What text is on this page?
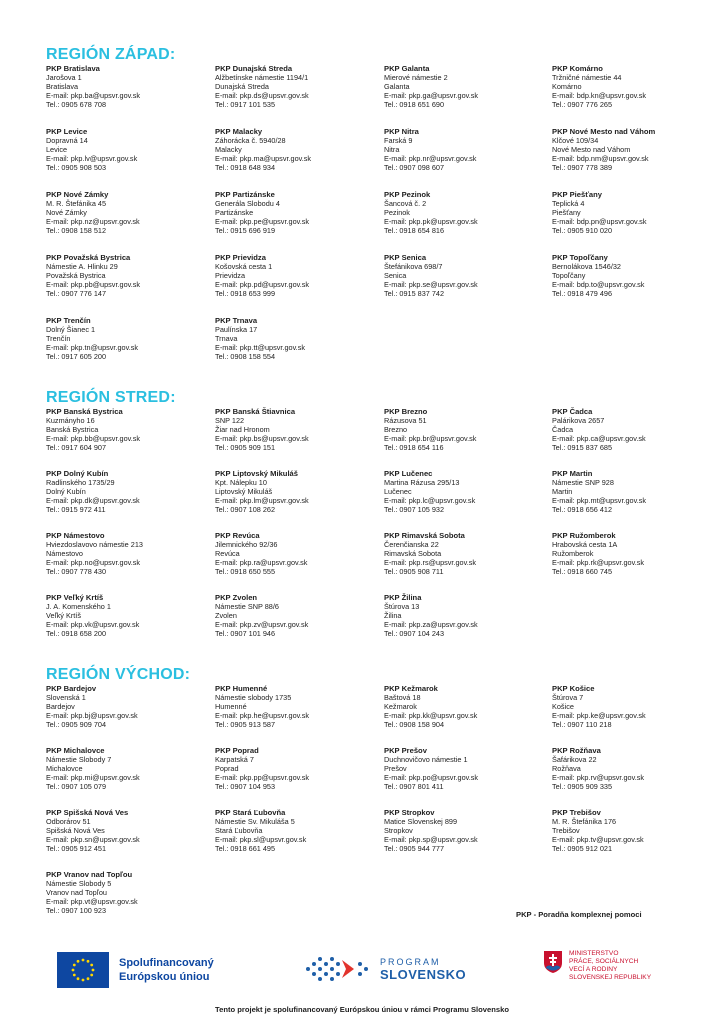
REGIÓN ZÁPAD:
PKP Bratislava
Jarošova 1
Bratislava
E-mail: pkp.ba@upsvr.gov.sk
Tel.: 0905 678 708
PKP Dunajská Streda
Alžbetínske námestie 1194/1
Dunajská Streda
E-mail: pkp.ds@upsvr.gov.sk
Tel.: 0917 101 535
PKP Galanta
Mierové námestie 2
Galanta
E-mail: pkp.ga@upsvr.gov.sk
Tel.: 0918 651 690
PKP Komárno
Tržničné námestie 44
Komárno
E-mail: bdp.kn@upsvr.gov.sk
Tel.: 0907 776 265
PKP Levice
Dopravná 14
Levice
E-mail: pkp.lv@upsvr.gov.sk
Tel.: 0905 908 503
PKP Malacky
Záhorácka č. 5940/28
Malacky
E-mail: pkp.ma@upsvr.gov.sk
Tel.: 0918 648 934
PKP Nitra
Farská 9
Nitra
E-mail: pkp.nr@upsvr.gov.sk
Tel.: 0907 098 607
PKP Nové Mesto nad Váhom
Klčové 109/34
Nové Mesto nad Váhom
E-mail: bdp.nm@upsvr.gov.sk
Tel.: 0907 778 389
PKP Nové Zámky
M. R. Štefánika 45
Nové Zámky
E-mail: pkp.nz@upsvr.gov.sk
Tel.: 0908 158 512
PKP Partizánske
Generála Slobodu 4
Partizánske
E-mail: pkp.pe@upsvr.gov.sk
Tel.: 0915 696 919
PKP Pezinok
Šancová č. 2
Pezinok
E-mail: pkp.pk@upsvr.gov.sk
Tel.: 0918 654 816
PKP Piešťany
Teplická 4
Piešťany
E-mail: bdp.pn@upsvr.gov.sk
Tel.: 0905 910 020
PKP Považská Bystrica
Námestie A. Hlinku 29
Považská Bystrica
E-mail: pkp.pb@upsvr.gov.sk
Tel.: 0907 776 147
PKP Prievidza
Košovská cesta 1
Prievidza
E-mail: pkp.pd@upsvr.gov.sk
Tel.: 0918 653 999
PKP Senica
Štefánikova 698/7
Senica
E-mail: pkp.se@upsvr.gov.sk
Tel.: 0915 837 742
PKP Topoľčany
Bernolákova 1546/32
Topoľčany
E-mail: bdp.to@upsvr.gov.sk
Tel.: 0918 479 496
PKP Trenčín
Dolný Šianec 1
Trenčín
E-mail: pkp.tn@upsvr.gov.sk
Tel.: 0917 605 200
PKP Trnava
Paulínska 17
Trnava
E-mail: pkp.tt@upsvr.gov.sk
Tel.: 0908 158 554
REGIÓN STRED:
PKP Banská Bystrica
Kuzmányho 16
Banská Bystrica
E-mail: pkp.bb@upsvr.gov.sk
Tel.: 0917 604 907
PKP Banská Štiavnica
SNP 122
Žiar nad Hronom
E-mail: pkp.bs@upsvr.gov.sk
Tel.: 0905 909 151
PKP Brezno
Rázusova 51
Brezno
E-mail: pkp.br@upsvr.gov.sk
Tel.: 0918 654 116
PKP Čadca
Palárikova 2657
Čadca
E-mail: pkp.ca@upsvr.gov.sk
Tel.: 0915 837 685
PKP Dolný Kubín
Radlinského 1735/29
Dolný Kubín
E-mail: pkp.dk@upsvr.gov.sk
Tel.: 0915 972 411
PKP Liptovský Mikuláš
Kpt. Nálepku 10
Liptovský Mikuláš
E-mail: pkp.lm@upsvr.gov.sk
Tel.: 0907 108 262
PKP Lučenec
Martina Rázusa 295/13
Lučenec
E-mail: pkp.lc@upsvr.gov.sk
Tel.: 0907 105 932
PKP Martin
Námestie SNP 928
Martin
E-mail: pkp.mt@upsvr.gov.sk
Tel.: 0918 656 412
PKP Námestovo
Hviezdoslavovo námestie 213
Námestovo
E-mail: pkp.no@upsvr.gov.sk
Tel.: 0907 778 430
PKP Revúca
Jilemnického 92/36
Revúca
E-mail: pkp.ra@upsvr.gov.sk
Tel.: 0918 650 555
PKP Rimavská Sobota
Čerenčianska 22
Rimavská Sobota
E-mail: pkp.rs@upsvr.gov.sk
Tel.: 0905 908 711
PKP Ružomberok
Hrabovská cesta 1A
Ružomberok
E-mail: pkp.rk@upsvr.gov.sk
Tel.: 0918 660 745
PKP Veľký Krtíš
J. A. Komenského 1
Veľký Krtíš
E-mail: pkp.vk@upsvr.gov.sk
Tel.: 0918 658 200
PKP Zvolen
Námestie SNP 88/6
Zvolen
E-mail: pkp.zv@upsvr.gov.sk
Tel.: 0907 101 946
PKP Žilina
Štúrova 13
Žilina
E-mail: pkp.za@upsvr.gov.sk
Tel.: 0907 104 243
REGIÓN VÝCHOD:
PKP Bardejov
Slovenská 1
Bardejov
E-mail: pkp.bj@upsvr.gov.sk
Tel.: 0905 909 704
PKP Humenné
Námestie slobody 1735
Humenné
E-mail: pkp.he@upsvr.gov.sk
Tel.: 0905 913 587
PKP Kežmarok
Baštová 18
Kežmarok
E-mail: pkp.kk@upsvr.gov.sk
Tel.: 0908 158 904
PKP Košice
Štúrova 7
Košice
E-mail: pkp.ke@upsvr.gov.sk
Tel.: 0907 110 218
PKP Michalovce
Námestie Slobody 7
Michalovce
E-mail: pkp.mi@upsvr.gov.sk
Tel.: 0907 105 079
PKP Poprad
Karpatská 7
Poprad
E-mail: pkp.pp@upsvr.gov.sk
Tel.: 0907 104 953
PKP Prešov
Duchnovičovo námestie 1
Prešov
E-mail: pkp.po@upsvr.gov.sk
Tel.: 0907 801 411
PKP Rožňava
Šafárikova 22
Rožňava
E-mail: pkp.rv@upsvr.gov.sk
Tel.: 0905 909 335
PKP Spišská Nová Ves
Odborárov 51
Spišská Nová Ves
E-mail: pkp.sn@upsvr.gov.sk
Tel.: 0905 912 451
PKP Stará Ľubovňa
Námestie Sv. Mikuláša 5
Stará Ľubovňa
E-mail: pkp.sl@upsvr.gov.sk
Tel.: 0918 661 495
PKP Stropkov
Matice Slovenskej 899
Stropkov
E-mail: pkp.sp@upsvr.gov.sk
Tel.: 0905 944 777
PKP Trebišov
M. R. Štefánika 176
Trebišov
E-mail: pkp.tv@upsvr.gov.sk
Tel.: 0905 912 021
PKP Vranov nad Topľou
Námestie Slobody 5
Vranov nad Topľou
E-mail: pkp.vt@upsvr.gov.sk
Tel.: 0907 100 923	PKP - Poradňa komplexnej pomoci
Spolufinancovaný
Európskou úniou
PROGRAM
SLOVENSKO
MINISTERSTVO
PRÁCE, SOCIÁLNYCH
VECÍ A RODINY
SLOVENSKEJ REPUBLIKY
Tento projekt je spolufinancovaný Európskou úniou v rámci Programu Slovensko
